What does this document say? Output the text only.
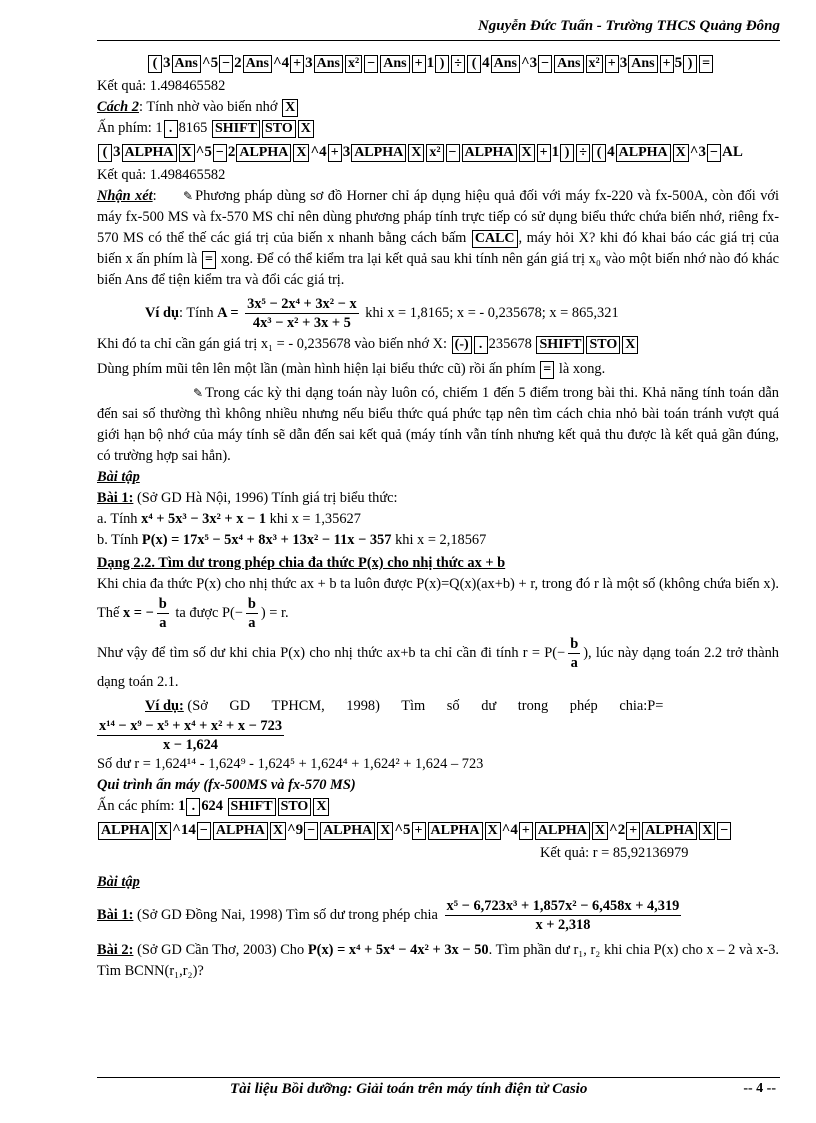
Nguyễn Đức Tuấn - Trường THCS Quảng Đông
( 3 Ans ^5 − 2 Ans ^4 + 3 Ans x² − Ans + 1 ) ÷ ( 4 Ans ^3 − Ans x² + 3 Ans + 5 ) =

Kết quả: 1.498465582

Cách 2: Tính nhờ vào biến nhớ X

Ấn phím: 1 . 8165 SHIFT STO X

( 3 ALPHA X ^5 − 2 ALPHA X ^4 + 3 ALPHA X x² − ALPHA X + 1 ) ÷ ( 4 ALPHA X ^3 − AL

Kết quả: 1.498465582

Nhận xét: ✎ Phương pháp dùng sơ đồ Horner chỉ áp dụng hiệu quả đối với máy fx-220 và fx-500A, còn đối với máy fx-500 MS và fx-570 MS chỉ nên dùng phương pháp tính trực tiếp có sử dụng biểu thức chứa biến nhớ, riêng fx-570 MS có thể thế các giá trị của biến x nhanh bằng cách bấm CALC , máy hỏi X? khi đó khai báo các giá trị của biến x ấn phím là = xong. Để có thể kiểm tra lại kết quả sau khi tính nên gán giá trị x₀ vào một biến nhớ nào đó khác biến Ans để tiện kiểm tra và đổi các giá trị.

Ví dụ: Tính $A = \frac{\text{3x⁵ − 2x⁴ + 3x² − x}}{\text{4x³ − x² + 3x + 5}}$ khi x = 1,8165; x = - 0,235678; x = 865,321

Khi đó ta chỉ cần gán giá trị x₁ = - 0,235678 vào biến nhớ X: (-) . 235678 SHIFT STO X

Dùng phím mũi tên lên một lần (màn hình hiện lại biểu thức cũ) rồi ấn phím = là xong.

✎ Trong các kỳ thi dạng toán này luôn có, chiếm 1 đến 5 điểm trong bài thi. Khả năng tính toán dẫn đến sai số thường thì không nhiều nhưng nếu biểu thức quá phức tạp nên tìm cách chia nhỏ bài toán tránh vượt quá giới hạn bộ nhớ của máy tính sẽ dẫn đến sai kết quả (máy tính vẫn tính nhưng kết quả thu được là kết quả gần đúng, có trường hợp sai hẳn).

Bài tập

Bài 1: (Sở GD Hà Nội, 1996) Tính giá trị biểu thức:

a. Tính x⁴ + 5x³ − 3x² + x − 1 khi x = 1,35627

b. Tính P(x) = 17x⁵ − 5x⁴ + 8x³ + 13x² − 11x − 357 khi x = 2,18567

Dạng 2.2. Tìm dư trong phép chia đa thức P(x) cho nhị thức ax + b

Khi chia đa thức P(x) cho nhị thức ax + b ta luôn được P(x)=Q(x)(ax+b) + r, trong đó r là một số (không chứa biến x). Thế x = − $\frac{b}{a}$ ta được $P(- \frac{b}{a}$ ) = r.

Như vậy để tìm số dư khi chia P(x) cho nhị thức ax+b ta chỉ cần đi tính $r = P(- \frac{b}{a}$ ), lúc này dạng toán 2.2 trở thành dạng toán 2.1.

Ví dụ: (Sở GD TPHCM, 1998) Tìm số dư trong phép chia:P=

$\frac{\text{x¹⁴ − x⁹ − x⁵ + x⁴ + x² + x − 723}}{x - 1,624}$

Số dư r = 1,624¹⁴ - 1,624⁹ - 1,624⁵ + 1,624⁴ + 1,624² + 1,624 – 723

Qui trình ấn máy (fx-500MS và fx-570 MS)

Ấn các phím: 1 . 624 SHIFT STO X

ALPHA X ^14 − ALPHA X ^9 − ALPHA X ^5 + ALPHA X ^4 + ALPHA X ^2 + ALPHA X −

Kết quả: r = 85,92136979

Bài tập

Bài 1: (Sở GD Đồng Nai, 1998) Tìm số dư trong phép chia $\frac{\text{x⁵ − 6,723x³ + 1,857x² − 6,458x + 4,319}}{x + 2,318}$

Bài 2: (Sở GD Cần Thơ, 2003) Cho P(x) = x⁴ + 5x⁴ − 4x² + 3x − 50. Tìm phần dư r₁, r₂ khi chia P(x) cho x – 2 và x-3. Tìm BCNN(r₁,r₂)?

Tài liệu Bồi dưỡng: Giải toán trên máy tính điện tử Casio	-- 4 --
